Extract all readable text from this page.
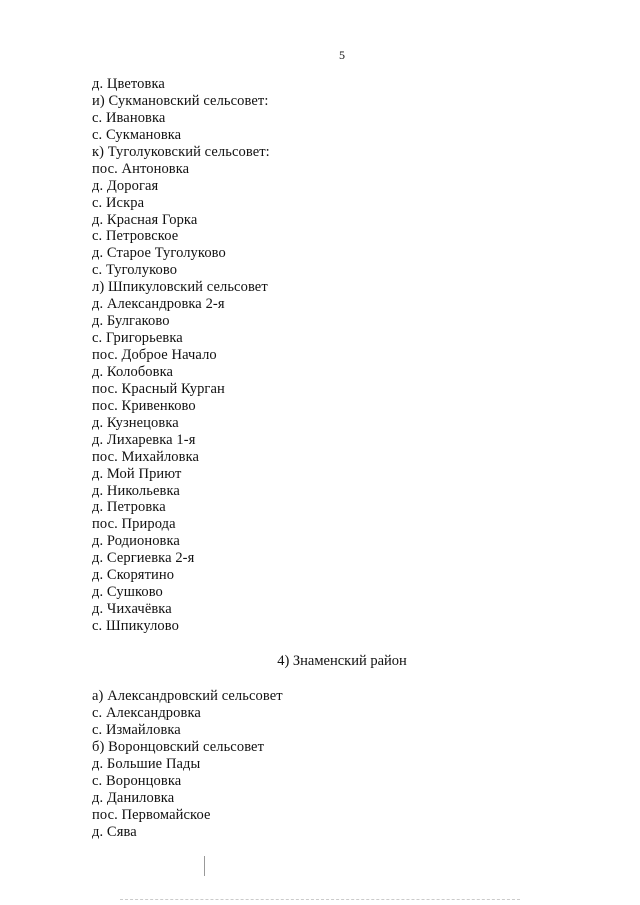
5
д. Цветовка
и) Сукмановский сельсовет:
с. Ивановка
с. Сукмановка
к) Туголуковский сельсовет:
пос. Антоновка
д. Дорогая
с. Искра
д. Красная Горка
с. Петровское
д. Старое Туголуково
с. Туголуково
л) Шпикуловский сельсовет
д. Александровка 2-я
д. Булгаково
с. Григорьевка
пос. Доброе Начало
д. Колобовка
пос. Красный Курган
пос. Кривенково
д. Кузнецовка
д. Лихаревка 1-я
пос. Михайловка
д. Мой Приют
д. Никольевка
д. Петровка
пос. Природа
д. Родионовка
д. Сергиевка 2-я
д. Скорятино
д. Сушково
д. Чихачёвка
с. Шпикулово
4) Знаменский район
а) Александровский сельсовет
с. Александровка
с. Измайловка
б) Воронцовский сельсовет
д. Большие Пады
с. Воронцовка
д. Даниловка
пос. Первомайское
д. Сява
